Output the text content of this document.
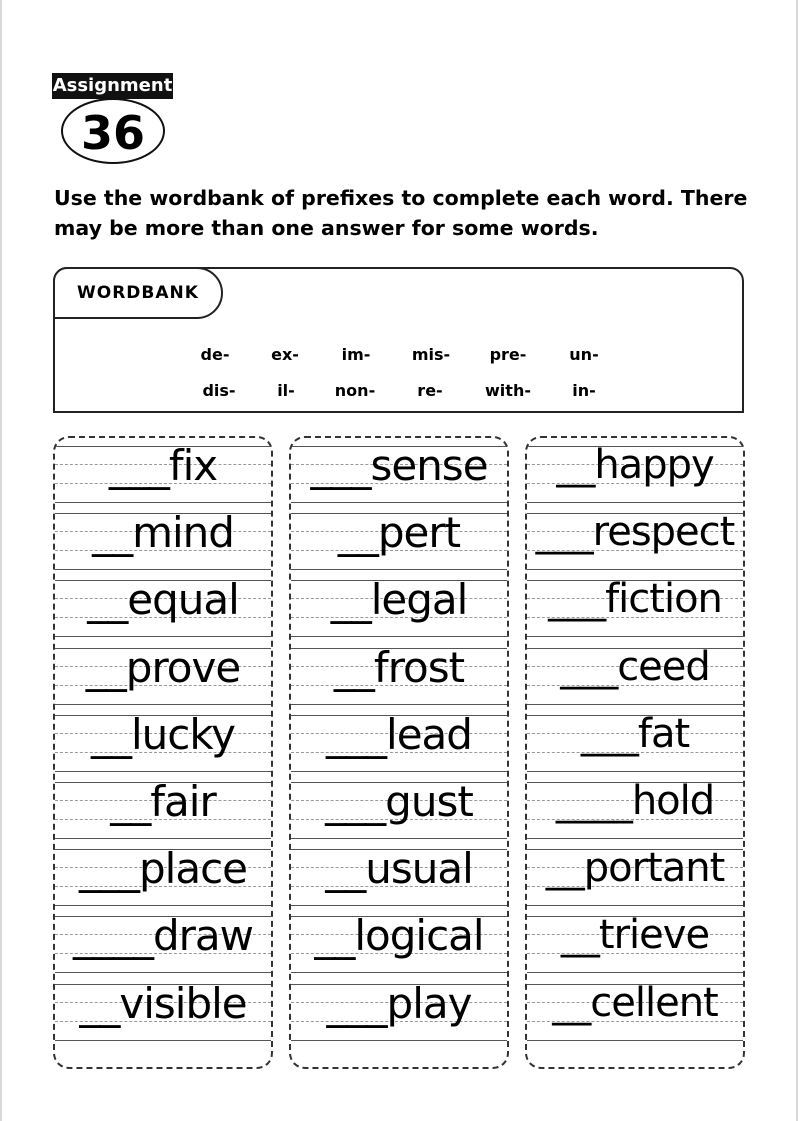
Assignment
36
Use the wordbank of prefixes to complete each word. There may be more than one answer for some words.
WORDBANK
de-	ex-	im-	mis- pre-	un-
dis-	il- non-	re-	with-	in-
___fix
__mind
__equal
__prove
__lucky
__fair
___place
____draw
__visible
___sense
__pert
__legal
__frost
___lead
___gust
__usual
__logical
___play
__happy
___respect
___fiction
___ceed
___fat
____hold
__portant
__trieve
__cellent
